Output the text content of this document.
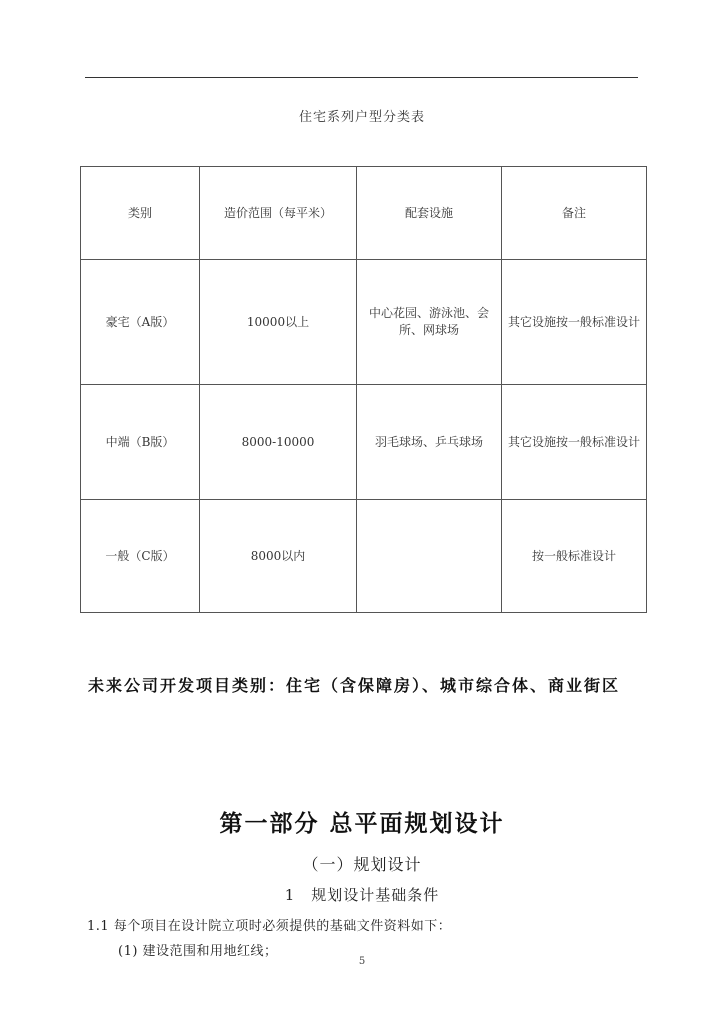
住宅系列户型分类表
类别	造价范围（每平米）	配套设施	备注
豪宅（A版）	10000以上	中心花园、游泳池、会所、网球场	其它设施按一般标准设计
中端（B版）	8000-10000	羽毛球场、乒乓球场	其它设施按一般标准设计
一般（C版）	8000以内		按一般标准设计
未来公司开发项目类别：住宅（含保障房）、城市综合体、商业街区
第一部分 总平面规划设计
（一）规划设计
1　规划设计基础条件
1.1 每个项目在设计院立项时必须提供的基础文件资料如下：
(1) 建设范围和用地红线；
5
